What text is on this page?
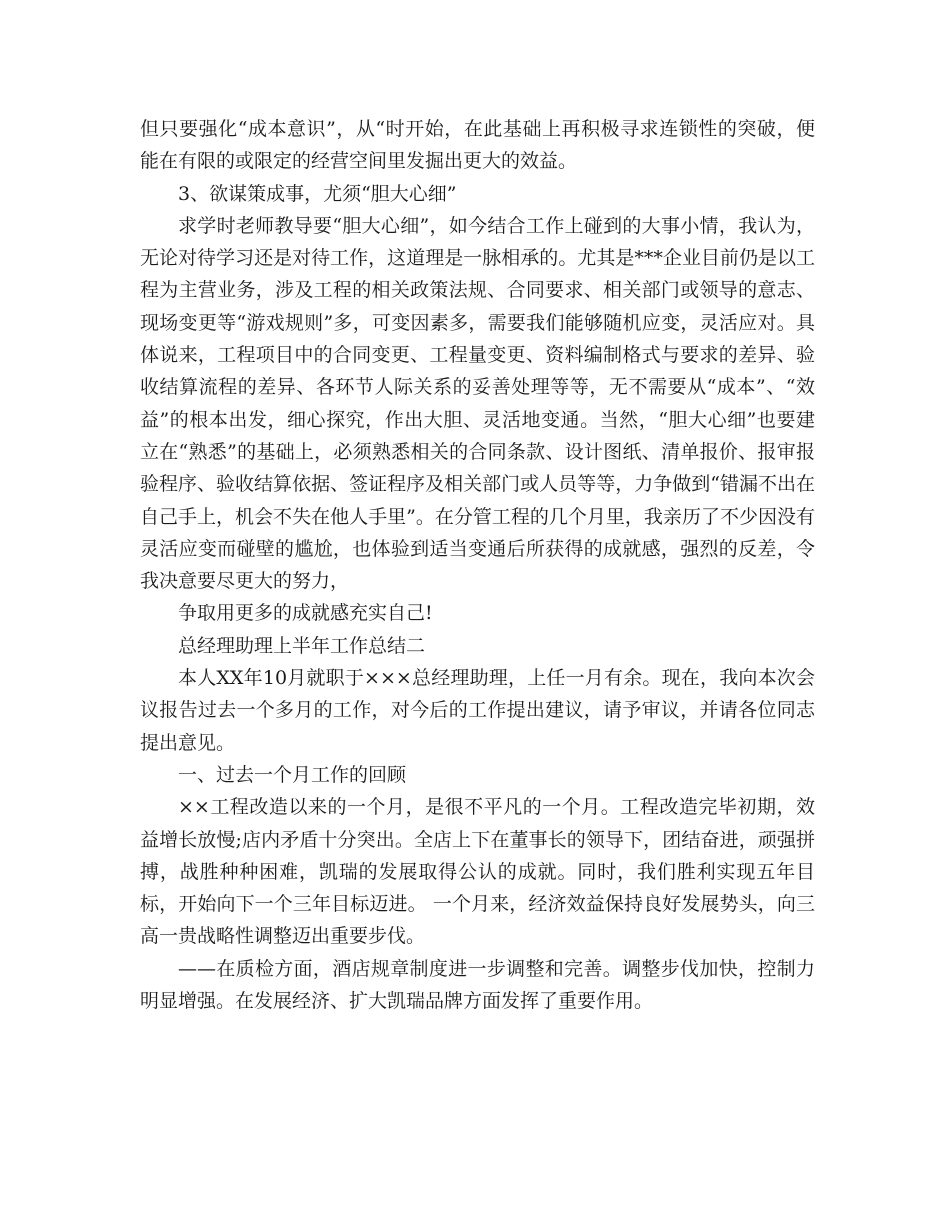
但只要强化“成本意识”，从“时开始，在此基础上再积极寻求连锁性的突破，便能在有限的或限定的经营空间里发掘出更大的效益。

3、欲谋策成事，尤须“胆大心细”

求学时老师教导要“胆大心细”，如今结合工作上碰到的大事小情，我认为，无论对待学习还是对待工作，这道理是一脉相承的。尤其是***企业目前仍是以工程为主营业务，涉及工程的相关政策法规、合同要求、相关部门或领导的意志、现场变更等“游戏规则”多，可变因素多，需要我们能够随机应变，灵活应对。具体说来，工程项目中的合同变更、工程量变更、资料编制格式与要求的差异、验收结算流程的差异、各环节人际关系的妥善处理等等，无不需要从“成本”、“效益”的根本出发，细心探究，作出大胆、灵活地变通。当然，“胆大心细”也要建立在“熟悉”的基础上，必须熟悉相关的合同条款、设计图纸、清单报价、报审报验程序、验收结算依据、签证程序及相关部门或人员等等，力争做到“错漏不出在自己手上，机会不失在他人手里”。在分管工程的几个月里，我亲历了不少因没有灵活应变而碰壁的尴尬，也体验到适当变通后所获得的成就感，强烈的反差，令我决意要尽更大的努力，

争取用更多的成就感充实自己!

总经理助理上半年工作总结二

本人XX年10月就职于×××总经理助理，上任一月有余。现在，我向本次会议报告过去一个多月的工作，对今后的工作提出建议，请予审议，并请各位同志提出意见。

一、过去一个月工作的回顾

××工程改造以来的一个月，是很不平凡的一个月。工程改造完毕初期，效益增长放慢;店内矛盾十分突出。全店上下在董事长的领导下，团结奋进，顽强拼搏，战胜种种困难，凯瑞的发展取得公认的成就。同时，我们胜利实现五年目标，开始向下一个三年目标迈进。 一个月来，经济效益保持良好发展势头，向三高一贵战略性调整迈出重要步伐。

——在质检方面，酒店规章制度进一步调整和完善。调整步伐加快，控制力明显增强。在发展经济、扩大凯瑞品牌方面发挥了重要作用。
